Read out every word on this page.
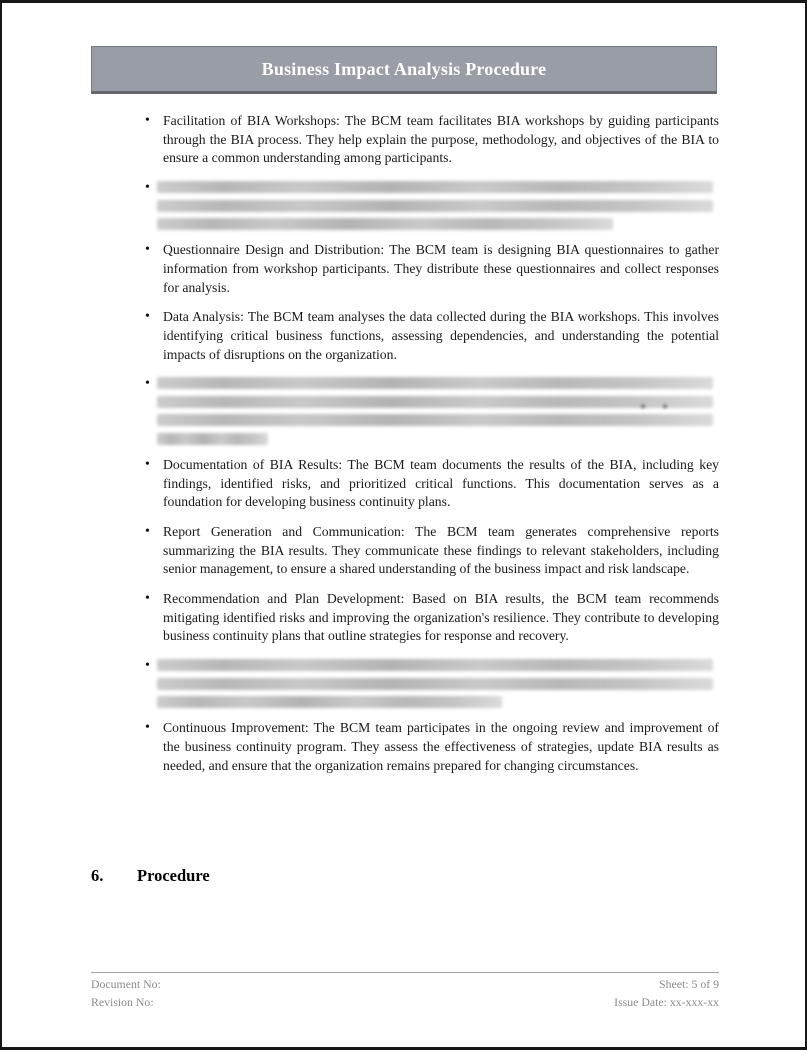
Business Impact Analysis Procedure
• Facilitation of BIA Workshops: The BCM team facilitates BIA workshops by guiding participants through the BIA process. They help explain the purpose, methodology, and objectives of the BIA to ensure a common understanding among participants.
•
• Questionnaire Design and Distribution: The BCM team is designing BIA questionnaires to gather information from workshop participants. They distribute these questionnaires and collect responses for analysis.
• Data Analysis: The BCM team analyses the data collected during the BIA workshops. This involves identifying critical business functions, assessing dependencies, and understanding the potential impacts of disruptions on the organization.
•
• Documentation of BIA Results: The BCM team documents the results of the BIA, including key findings, identified risks, and prioritized critical functions. This documentation serves as a foundation for developing business continuity plans.
• Report Generation and Communication: The BCM team generates comprehensive reports summarizing the BIA results. They communicate these findings to relevant stakeholders, including senior management, to ensure a shared understanding of the business impact and risk landscape.
• Recommendation and Plan Development: Based on BIA results, the BCM team recommends mitigating identified risks and improving the organization's resilience. They contribute to developing business continuity plans that outline strategies for response and recovery.
•
• Continuous Improvement: The BCM team participates in the ongoing review and improvement of the business continuity program. They assess the effectiveness of strategies, update BIA results as needed, and ensure that the organization remains prepared for changing circumstances.
6.	Procedure
Document No:
Revision No:
Sheet: 5 of 9
Issue Date: xx-xxx-xx
